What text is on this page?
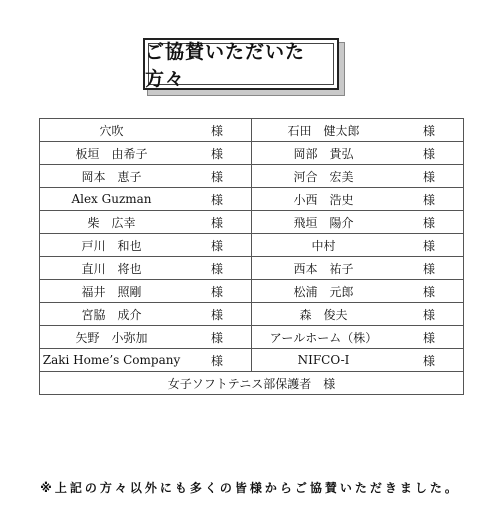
ご協賛いただいた方々
穴吹	様	石田　健太郎	様
板垣　由希子	様	岡部　貴弘	様
岡本　恵子	様	河合　宏美	様
Alex Guzman	様	小西　浩史	様
柴　広幸	様	飛垣　陽介	様
戸川　和也	様	中村	様
直川　将也	様	西本　祐子	様
福井　照剛	様	松浦　元郎	様
宮脇　成介	様	森　俊夫	様
矢野　小弥加	様	アールホーム（株）	様
Zaki Home’s Company	様	NIFCO-I	様
女子ソフトテニス部保護者　様			
※上記の方々以外にも多くの皆様からご協賛いただきました。
